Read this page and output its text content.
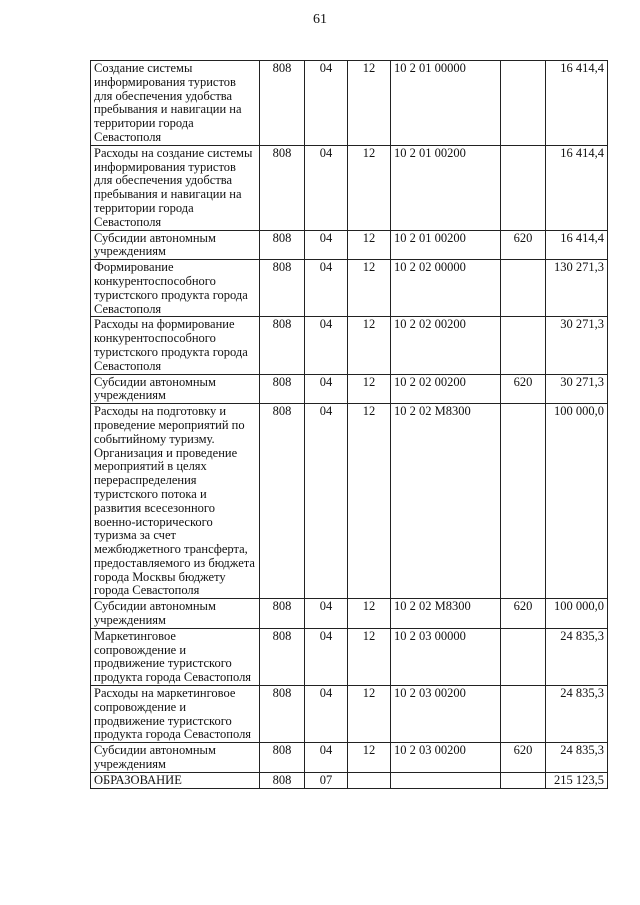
61
Создание системы информирования туристов для обеспечения удобства пребывания и навигации на территории города Севастополя	808	04	12	10 2 01 00000		16 414,4
Расходы на создание системы информирования туристов для обеспечения удобства пребывания и навигации на территории города Севастополя	808	04	12	10 2 01 00200		16 414,4
Субсидии автономным учреждениям	808	04	12	10 2 01 00200	620	16 414,4
Формирование конкурентоспособного туристского продукта города Севастополя	808	04	12	10 2 02 00000		130 271,3
Расходы на формирование конкурентоспособного туристского продукта города Севастополя	808	04	12	10 2 02 00200		30 271,3
Субсидии автономным учреждениям	808	04	12	10 2 02 00200	620	30 271,3
Расходы на подготовку и проведение мероприятий по событийному туризму. Организация и проведение мероприятий в целях перераспределения туристского потока и развития всесезонного военно-исторического туризма за счет межбюджетного трансферта, предоставляемого из бюджета города Москвы бюджету города Севастополя	808	04	12	10 2 02 М8300		100 000,0
Субсидии автономным учреждениям	808	04	12	10 2 02 М8300	620	100 000,0
Маркетинговое сопровождение и продвижение туристского продукта города Севастополя	808	04	12	10 2 03 00000		24 835,3
Расходы на маркетинговое сопровождение и продвижение туристского продукта города Севастополя	808	04	12	10 2 03 00200		24 835,3
Субсидии автономным учреждениям	808	04	12	10 2 03 00200	620	24 835,3
ОБРАЗОВАНИЕ	808	07				215 123,5
